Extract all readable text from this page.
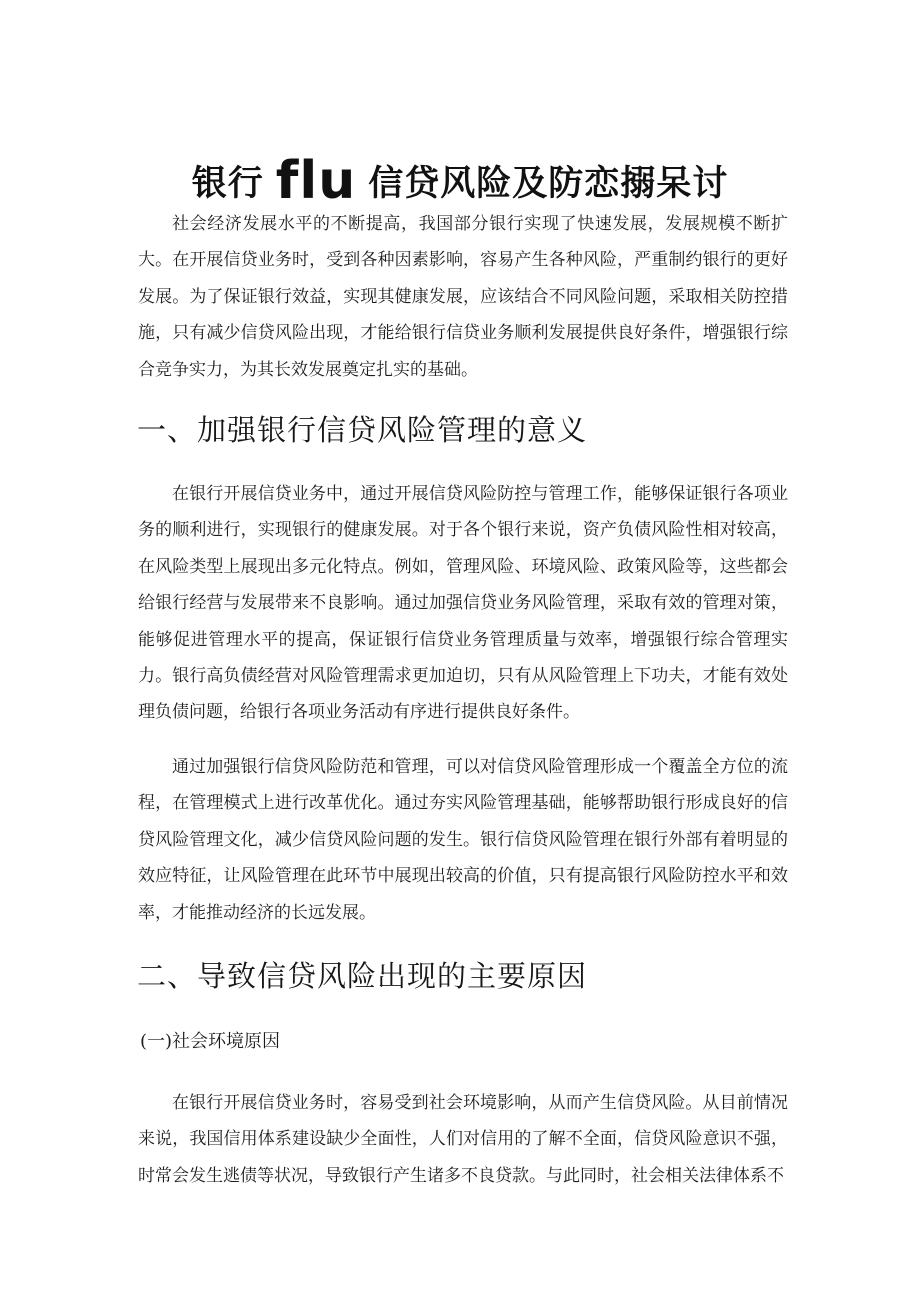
银行 flu 信贷风险及防恋搦呆讨

社会经济发展水平的不断提高，我国部分银行实现了快速发展，发展规模不断扩大。在开展信贷业务时，受到各种因素影响，容易产生各种风险，严重制约银行的更好发展。为了保证银行效益，实现其健康发展，应该结合不同风险问题，采取相关防控措施，只有减少信贷风险出现，才能给银行信贷业务顺利发展提供良好条件，增强银行综合竞争实力，为其长效发展奠定扎实的基础。

一、加强银行信贷风险管理的意义

在银行开展信贷业务中，通过开展信贷风险防控与管理工作，能够保证银行各项业务的顺利进行，实现银行的健康发展。对于各个银行来说，资产负债风险性相对较高，在风险类型上展现出多元化特点。例如，管理风险、环境风险、政策风险等，这些都会给银行经营与发展带来不良影响。通过加强信贷业务风险管理，采取有效的管理对策，能够促进管理水平的提高，保证银行信贷业务管理质量与效率，增强银行综合管理实力。银行高负债经营对风险管理需求更加迫切，只有从风险管理上下功夫，才能有效处理负债问题，给银行各项业务活动有序进行提供良好条件。

通过加强银行信贷风险防范和管理，可以对信贷风险管理形成一个覆盖全方位的流程，在管理模式上进行改革优化。通过夯实风险管理基础，能够帮助银行形成良好的信贷风险管理文化，减少信贷风险问题的发生。银行信贷风险管理在银行外部有着明显的效应特征，让风险管理在此环节中展现出较高的价值，只有提高银行风险防控水平和效率，才能推动经济的长远发展。

二、导致信贷风险出现的主要原因
(一)社会环境原因

在银行开展信贷业务时，容易受到社会环境影响，从而产生信贷风险。从目前情况来说，我国信用体系建设缺少全面性，人们对信用的了解不全面，信贷风险意识不强，时常会发生逃债等状况，导致银行产生诸多不良贷款。与此同时，社会相关法律体系不
